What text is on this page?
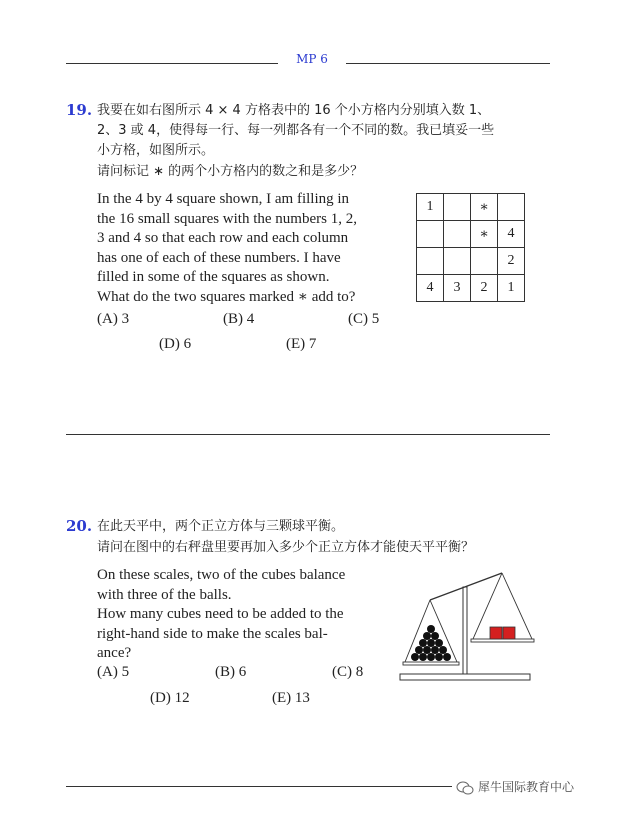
MP 6
19. 我要在如右图所示 4 × 4 方格表中的 16 个小方格内分别填入数 1、
2、3 或 4，使得每一行、每一列都各有一个不同的数。我已填妥一些
小方格，如图所示。
请问标记 ∗ 的两个小方格内的数之和是多少？
In the 4 by 4 square shown, I am filling in
the 16 small squares with the numbers 1, 2,
3 and 4 so that each row and each column
has one of each of these numbers. I have
filled in some of the squares as shown.
What do the two squares marked ∗ add to?
(A) 3	(B) 4	(C) 5
(D) 6	(E) 7
1		∗	
		∗	4
			2
4	3	2	1
20. 在此天平中，两个正立方体与三颗球平衡。
请问在图中的右秤盘里要再加入多少个正立方体才能使天平平衡？
On these scales, two of the cubes balance
with three of the balls.
How many cubes need to be added to the
right-hand side to make the scales bal-
ance?
(A) 5	(B) 6	(C) 8
(D) 12	(E) 13
犀牛国际教育中心
